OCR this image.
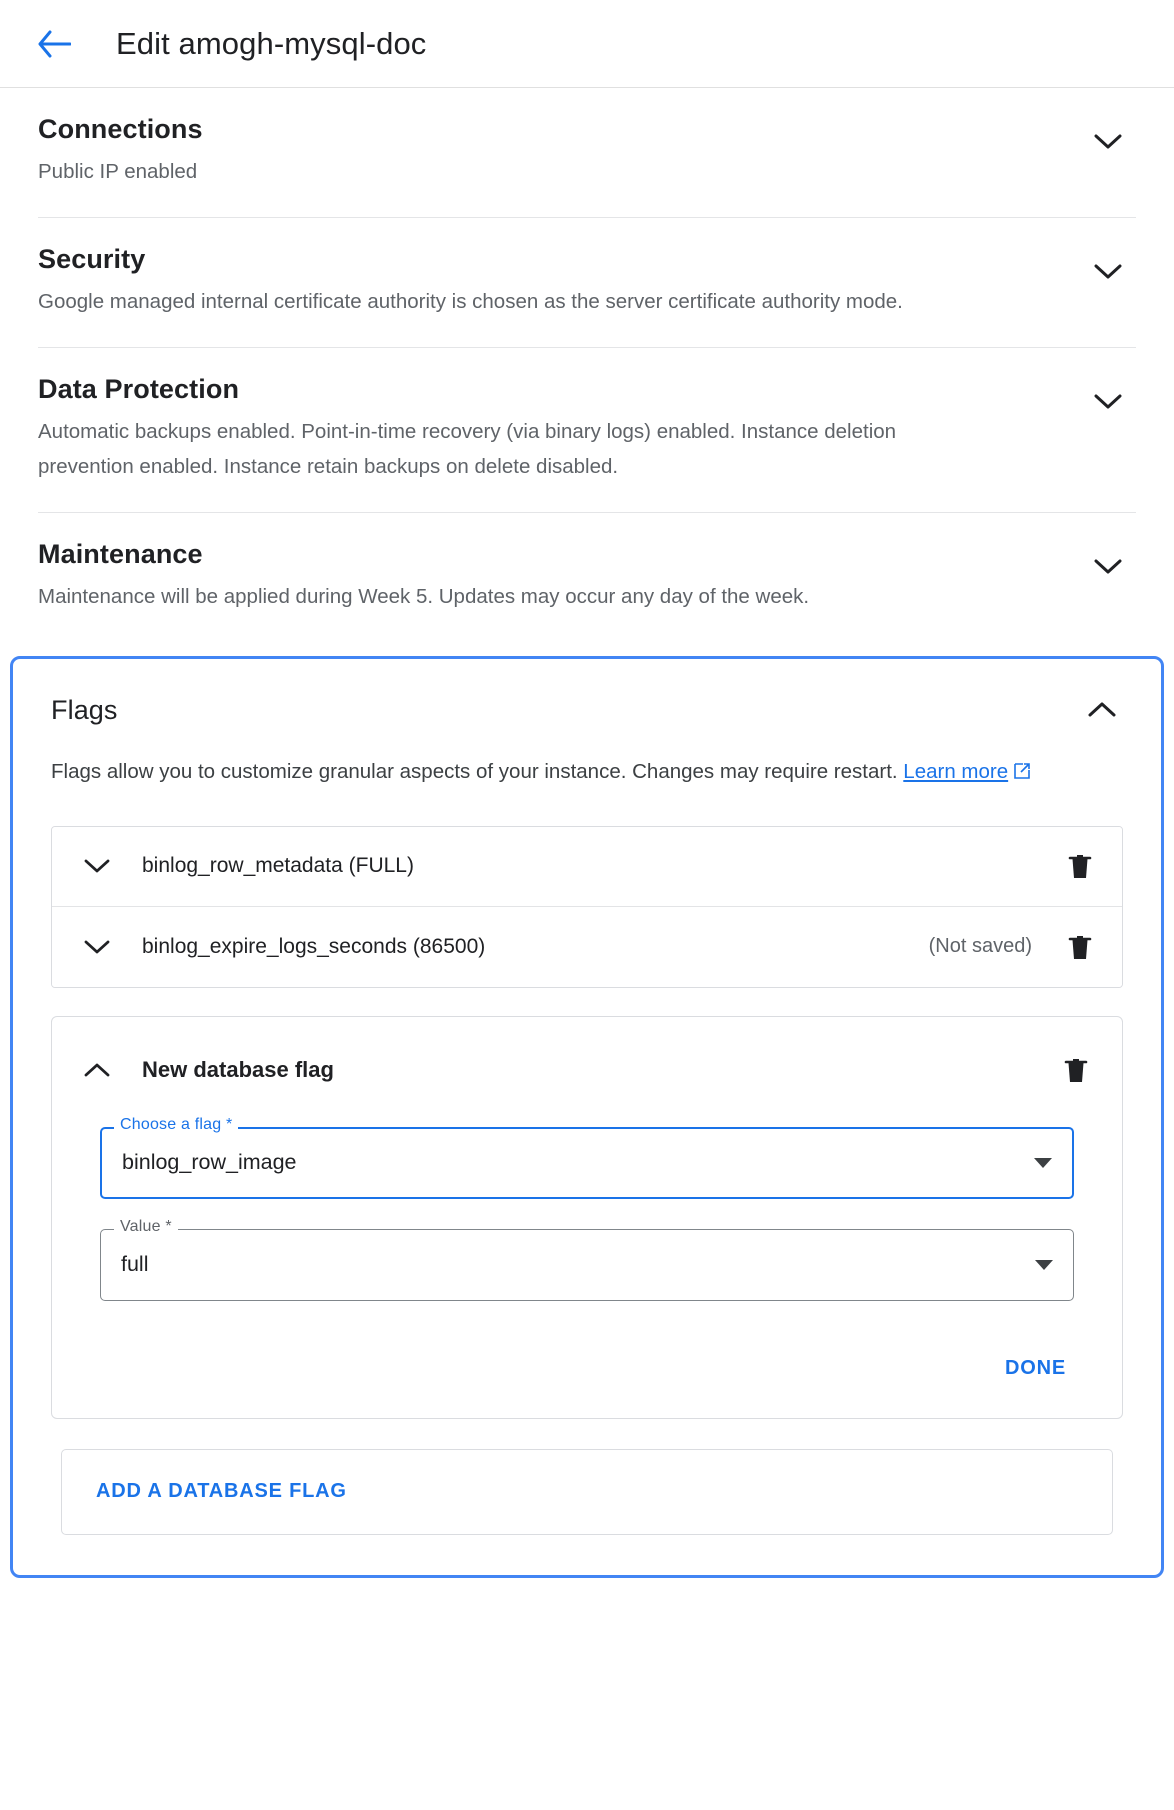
Edit amogh-mysql-doc
Connections
Public IP enabled
Security
Google managed internal certificate authority is chosen as the server certificate authority mode.
Data Protection
Automatic backups enabled. Point-in-time recovery (via binary logs) enabled. Instance deletion prevention enabled. Instance retain backups on delete disabled.
Maintenance
Maintenance will be applied during Week 5. Updates may occur any day of the week.
Flags
Flags allow you to customize granular aspects of your instance. Changes may require restart. Learn more
binlog_row_metadata (FULL)
binlog_expire_logs_seconds (86500)	(Not saved)
New database flag
binlog_row_image
Choose a flag *
full
Value *
DONE
ADD A DATABASE FLAG
